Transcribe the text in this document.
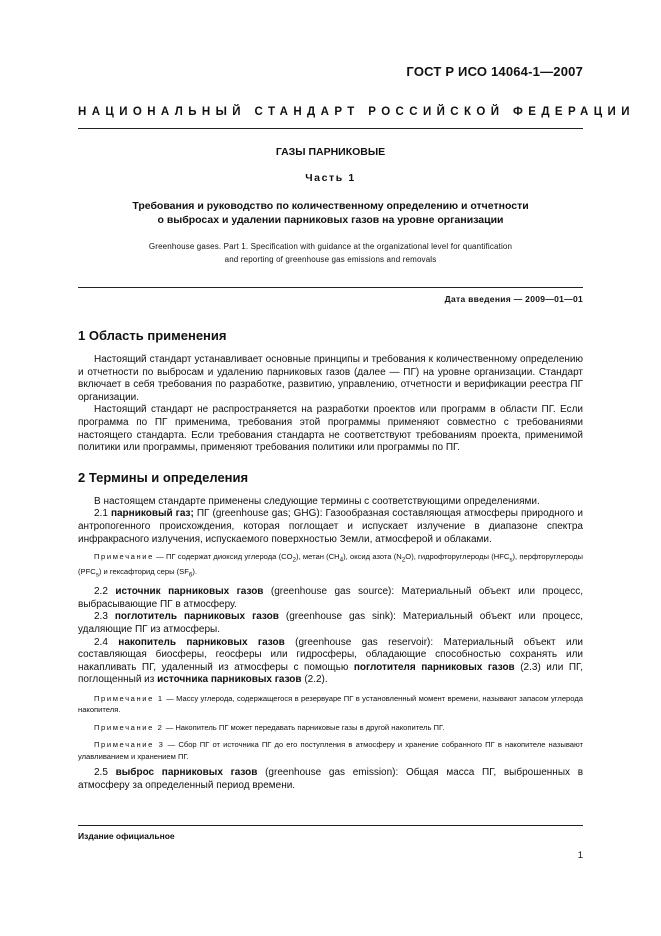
ГОСТ Р ИСО 14064-1—2007
НАЦИОНАЛЬНЫЙ СТАНДАРТ РОССИЙСКОЙ ФЕДЕРАЦИИ
ГАЗЫ ПАРНИКОВЫЕ
Часть 1
Требования и руководство по количественному определению и отчетности
о выбросах и удалении парниковых газов на уровне организации
Greenhouse gases. Part 1. Specification with guidance at the organizational level for quantification
and reporting of greenhouse gas emissions and removals
Дата введения — 2009—01—01
1 Область применения

Настоящий стандарт устанавливает основные принципы и требования к количественному определению и отчетности по выбросам и удалению парниковых газов (далее — ПГ) на уровне организации. Стандарт включает в себя требования по разработке, развитию, управлению, отчетности и верификации реестра ПГ организации.

Настоящий стандарт не распространяется на разработки проектов или программ в области ПГ. Если программа по ПГ применима, требования этой программы применяют совместно с требованиями настоящего стандарта. Если требования стандарта не соответствуют требованиям проекта, применимой политики или программы, применяют требования политики или программы по ПГ.

2 Термины и определения

В настоящем стандарте применены следующие термины с соответствующими определениями.

2.1 парниковый газ; ПГ (greenhouse gas; GHG): Газообразная составляющая атмосферы природного и антропогенного происхождения, которая поглощает и испускает излучение в диапазоне спектра инфракрасного излучения, испускаемого поверхностью Земли, атмосферой и облаками.

Примечание — ПГ содержат диоксид углерода $(CO_2)$, метан $(CH_4)$, оксид азота $(N_2O)$, гидрофторуглероды $(HFC_s)$, перфторуглероды $(PFC_s)$ и гексафторид серы $(SF_6)$.

2.2 источник парниковых газов (greenhouse gas source): Материальный объект или процесс, выбрасывающие ПГ в атмосферу.

2.3 поглотитель парниковых газов (greenhouse gas sink): Материальный объект или процесс, удаляющие ПГ из атмосферы.

2.4 накопитель парниковых газов (greenhouse gas reservoir): Материальный объект или составляющая биосферы, геосферы или гидросферы, обладающие способностью сохранять или накапливать ПГ, удаленный из атмосферы с помощью поглотителя парниковых газов (2.3) или ПГ, поглощенный из источника парниковых газов (2.2).

Примечание 1 — Массу углерода, содержащегося в резервуаре ПГ в установленный момент времени, называют запасом углерода накопителя.

Примечание 2 — Накопитель ПГ может передавать парниковые газы в другой накопитель ПГ.

Примечание 3 — Сбор ПГ от источника ПГ до его поступления в атмосферу и хранение собранного ПГ в накопителе называют улавливанием и хранением ПГ.

2.5 выброс парниковых газов (greenhouse gas emission): Общая масса ПГ, выброшенных в атмосферу за определенный период времени.

Издание официальное
1
